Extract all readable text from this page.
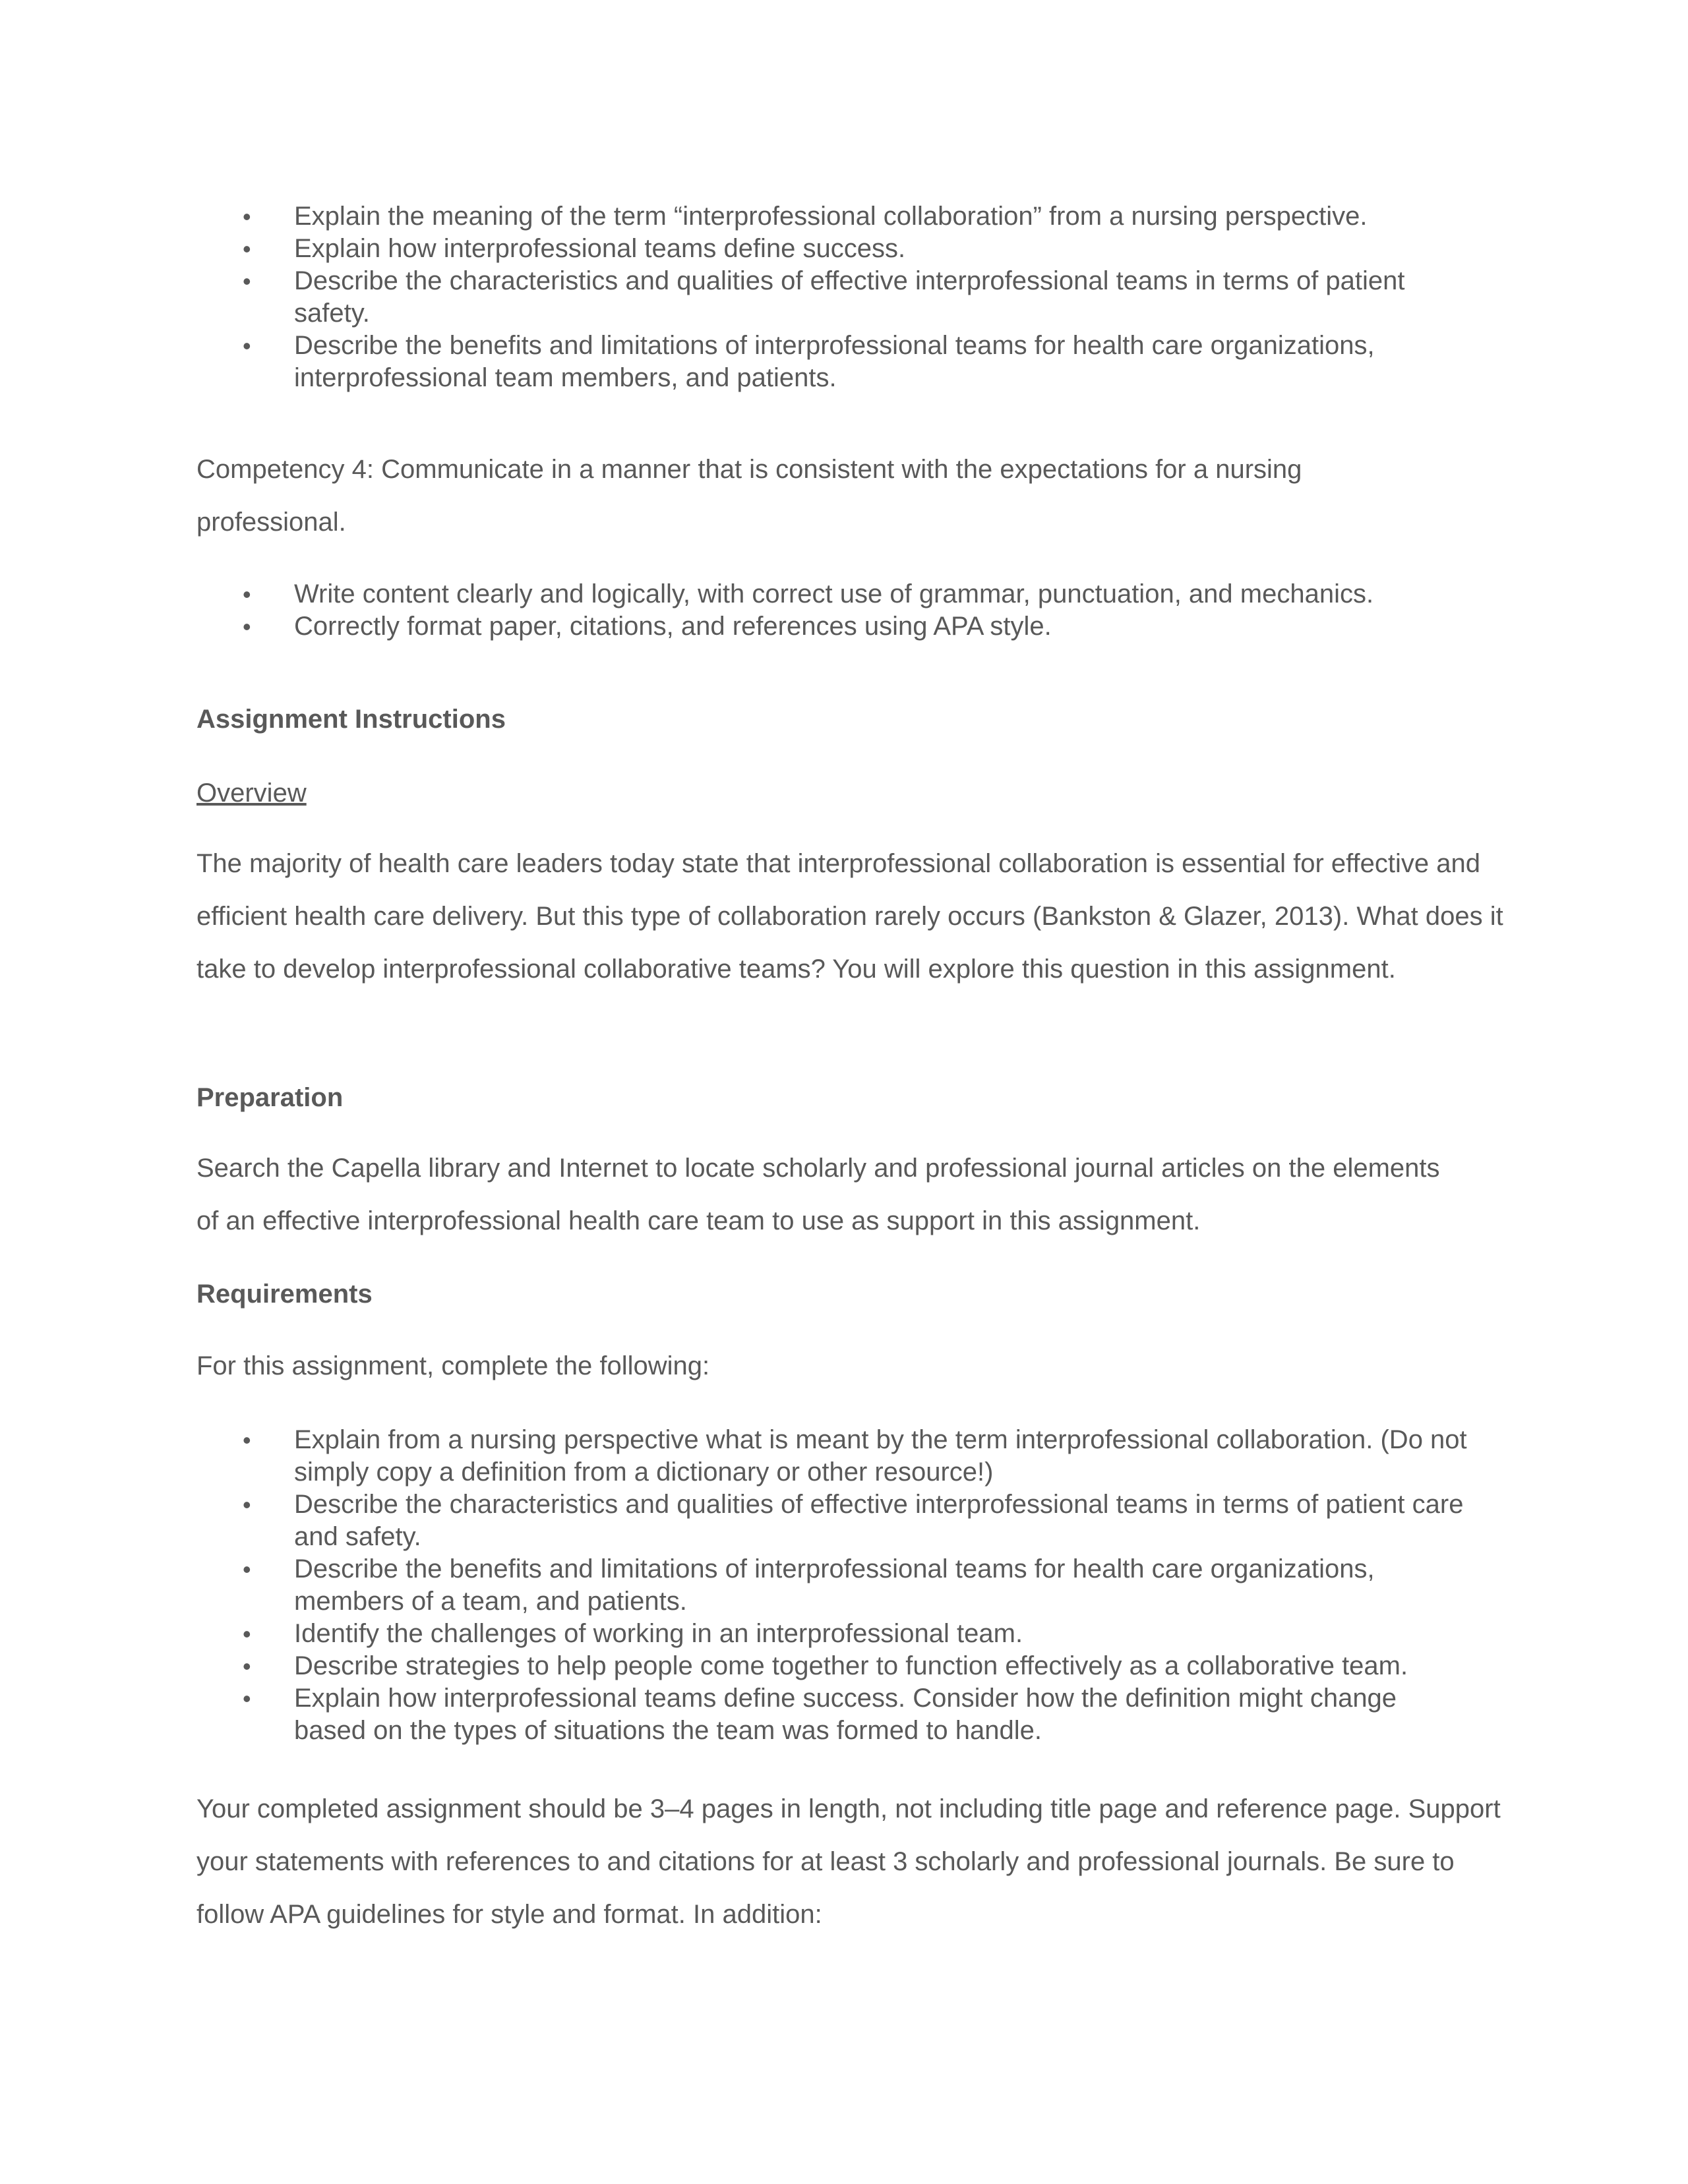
• Explain the meaning of the term “interprofessional collaboration” from a nursing perspective.
• Explain how interprofessional teams define success.
• Describe the characteristics and qualities of effective interprofessional teams in terms of patient safety.
• Describe the benefits and limitations of interprofessional teams for health care organizations, interprofessional team members, and patients.
Competency 4: Communicate in a manner that is consistent with the expectations for a nursing professional.
• Write content clearly and logically, with correct use of grammar, punctuation, and mechanics.
• Correctly format paper, citations, and references using APA style.
Assignment Instructions
Overview
The majority of health care leaders today state that interprofessional collaboration is essential for effective and efficient health care delivery. But this type of collaboration rarely occurs (Bankston & Glazer, 2013). What does it take to develop interprofessional collaborative teams? You will explore this question in this assignment.
Preparation
Search the Capella library and Internet to locate scholarly and professional journal articles on the elements of an effective interprofessional health care team to use as support in this assignment.
Requirements
For this assignment, complete the following:
• Explain from a nursing perspective what is meant by the term interprofessional collaboration. (Do not simply copy a definition from a dictionary or other resource!)
• Describe the characteristics and qualities of effective interprofessional teams in terms of patient care and safety.
• Describe the benefits and limitations of interprofessional teams for health care organizations, members of a team, and patients.
• Identify the challenges of working in an interprofessional team.
• Describe strategies to help people come together to function effectively as a collaborative team.
• Explain how interprofessional teams define success. Consider how the definition might change based on the types of situations the team was formed to handle.
Your completed assignment should be 3–4 pages in length, not including title page and reference page. Support your statements with references to and citations for at least 3 scholarly and professional journals. Be sure to follow APA guidelines for style and format. In addition:
